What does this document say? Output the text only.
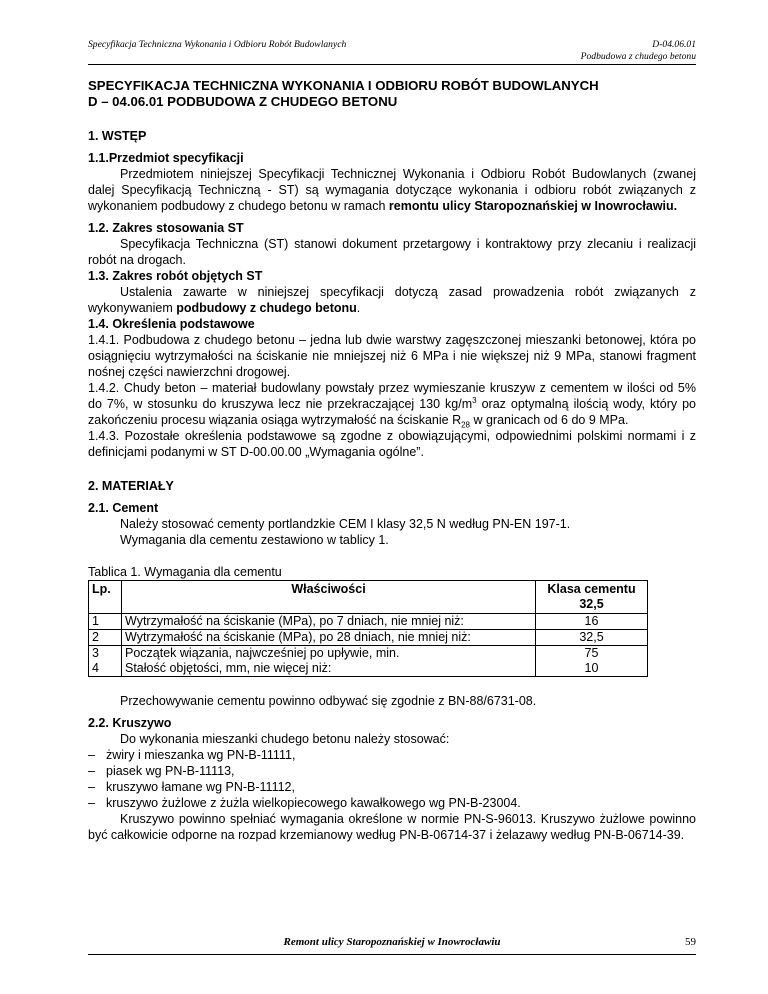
Specyfikacja Techniczna Wykonania i Odbioru Robót Budowlanych	D-04.06.01
Podbudowa z chudego betonu
SPECYFIKACJA TECHNICZNA WYKONANIA I ODBIORU ROBÓT BUDOWLANYCH
D – 04.06.01 PODBUDOWA Z CHUDEGO BETONU
1. WSTĘP
1.1.Przedmiot specyfikacji
Przedmiotem niniejszej Specyfikacji Technicznej Wykonania i Odbioru Robót Budowlanych (zwanej dalej Specyfikacją Techniczną - ST) są wymagania dotyczące wykonania i odbioru robót związanych z wykonaniem podbudowy z chudego betonu w ramach remontu ulicy Staropoznańskiej w Inowrocławiu.
1.2. Zakres stosowania ST
Specyfikacja Techniczna (ST) stanowi dokument przetargowy i kontraktowy przy zlecaniu i realizacji robót na drogach.
1.3. Zakres robót objętych ST
Ustalenia zawarte w niniejszej specyfikacji dotyczą zasad prowadzenia robót związanych z wykonywaniem podbudowy z chudego betonu.
1.4. Określenia podstawowe
1.4.1. Podbudowa z chudego betonu – jedna lub dwie warstwy zagęszczonej mieszanki betonowej, która po osiągnięciu wytrzymałości na ściskanie nie mniejszej niż 6 MPa i nie większej niż 9 MPa, stanowi fragment nośnej części nawierzchni drogowej.
1.4.2. Chudy beton – materiał budowlany powstały przez wymieszanie kruszyw z cementem w ilości od 5% do 7%, w stosunku do kruszywa lecz nie przekraczającej 130 $kg/m^3$ oraz optymalną ilością wody, który po zakończeniu procesu wiązania osiąga wytrzymałość na ściskanie $R_{28}$ w granicach od 6 do 9 MPa.
1.4.3. Pozostałe określenia podstawowe są zgodne z obowiązującymi, odpowiednimi polskimi normami i z definicjami podanymi w ST D-00.00.00 „Wymagania ogólne”.
2. MATERIAŁY
2.1. Cement
Należy stosować cementy portlandzkie CEM I klasy 32,5 N według PN-EN 197-1.
Wymagania dla cementu zestawiono w tablicy 1.
Tablica 1. Wymagania dla cementu
Lp.	Właściwości	Klasa cementu 32,5
1	Wytrzymałość na ściskanie (MPa), po 7 dniach, nie mniej niż:	16
2	Wytrzymałość na ściskanie (MPa), po 28 dniach, nie mniej niż:	32,5
3	Początek wiązania, najwcześniej po upływie, min.	75
4	Stałość objętości, mm, nie więcej niż:	10
Przechowywanie cementu powinno odbywać się zgodnie z BN-88/6731-08.
2.2. Kruszywo
Do wykonania mieszanki chudego betonu należy stosować:
– żwiry i mieszanka wg PN-B-11111,
– piasek wg PN-B-11113,
– kruszywo łamane wg PN-B-11112,
– kruszywo żużlowe z żużla wielkopiecowego kawałkowego wg PN-B-23004.
Kruszywo powinno spełniać wymagania określone w normie PN-S-96013. Kruszywo żużlowe powinno być całkowicie odporne na rozpad krzemianowy według PN-B-06714-37 i żelazawy według PN-B-06714-39.
Remont ulicy Staropoznańskiej w Inowrocławiu	59
